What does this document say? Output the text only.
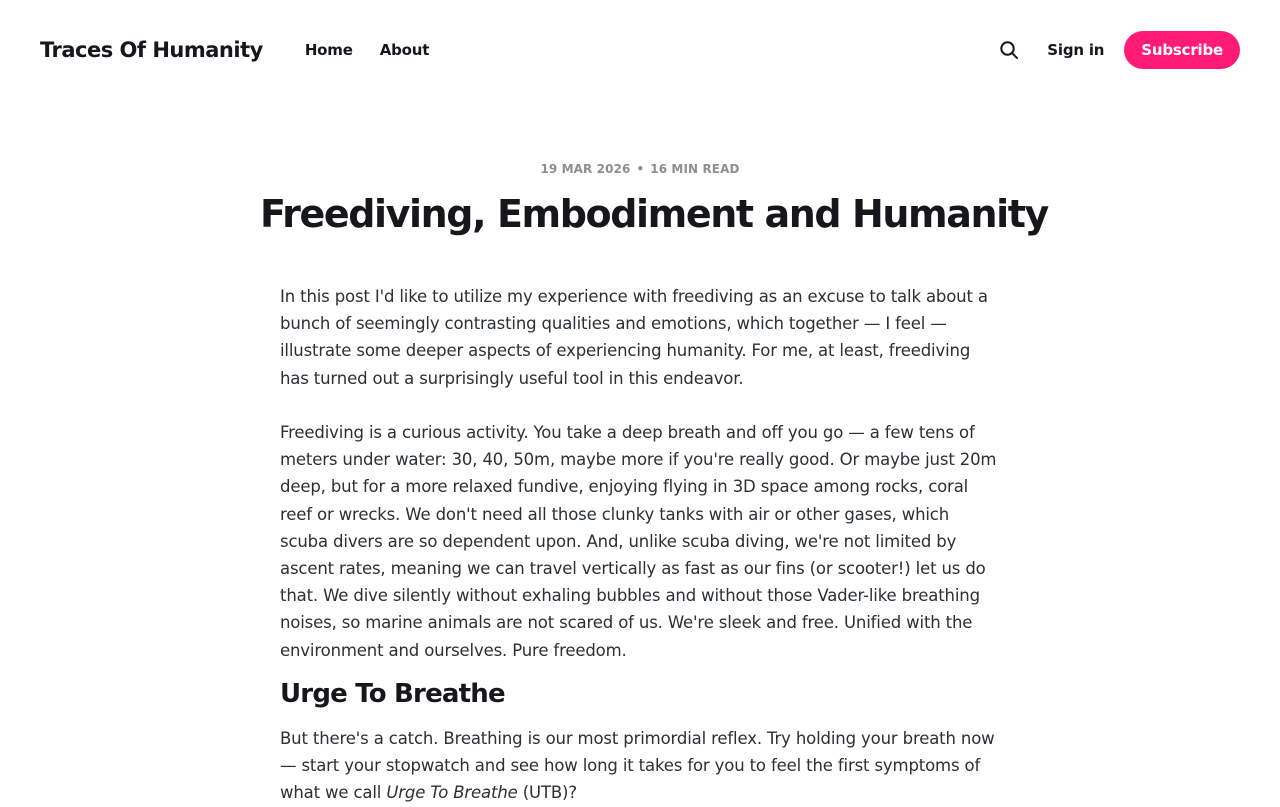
Traces Of Humanity	Home About	Sign in	Subscribe
19 MAR 2026 • 16 MIN READ
Freediving, Embodiment and Humanity

In this post I'd like to utilize my experience with freediving as an excuse to talk about a bunch of seemingly contrasting qualities and emotions, which together — I feel — illustrate some deeper aspects of experiencing humanity. For me, at least, freediving has turned out a surprisingly useful tool in this endeavor.

Freediving is a curious activity. You take a deep breath and off you go — a few tens of meters under water: 30, 40, 50m, maybe more if you're really good. Or maybe just 20m deep, but for a more relaxed fundive, enjoying flying in 3D space among rocks, coral reef or wrecks. We don't need all those clunky tanks with air or other gases, which scuba divers are so dependent upon. And, unlike scuba diving, we're not limited by ascent rates, meaning we can travel vertically as fast as our fins (or scooter!) let us do that. We dive silently without exhaling bubbles and without those Vader-like breathing noises, so marine animals are not scared of us. We're sleek and free. Unified with the environment and ourselves. Pure freedom.

Urge To Breathe

But there's a catch. Breathing is our most primordial reflex. Try holding your breath now — start your stopwatch and see how long it takes for you to feel the first symptoms of what we call Urge To Breathe (UTB)?
